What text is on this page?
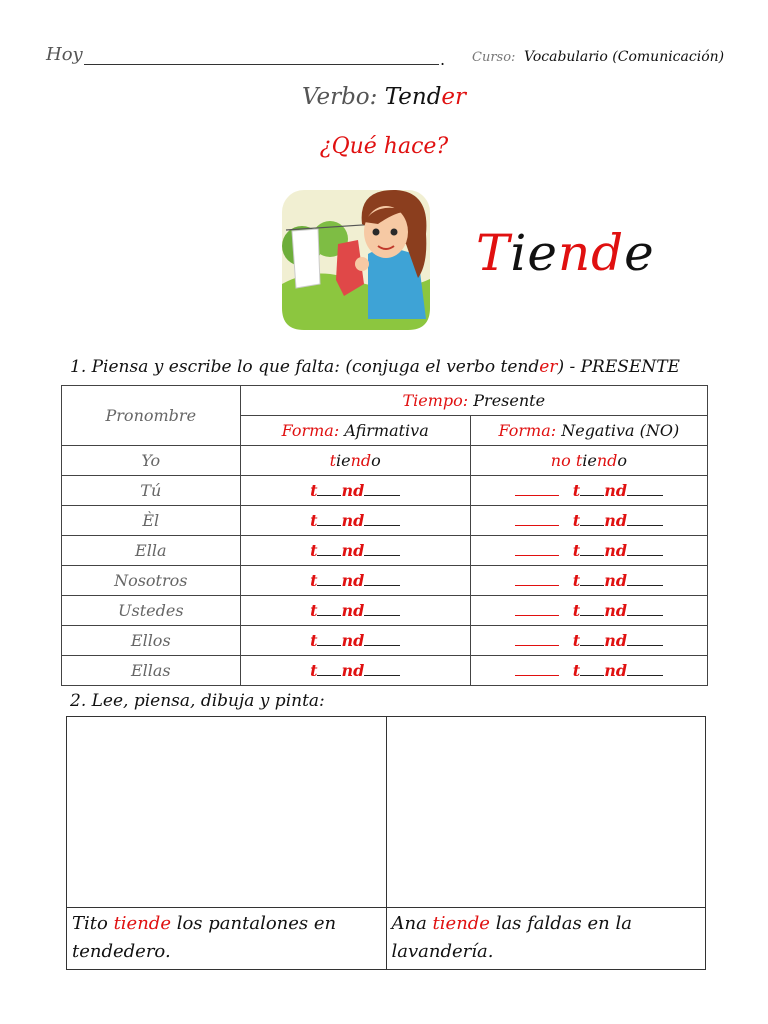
Hoy	. Curso: Vocabulario (Comunicación)
Verbo: Tender
¿Qué hace?
Tiende
1. Piensa y escribe lo que falta: (conjuga el verbo tender) - PRESENTE
Pronombre	Tiempo: Presente	
	Forma: Afirmativa	Forma: Negativa (NO)
Yo	tiendo	no tiendo
Tú	t nd	t nd
Èl	t nd	t nd
Ella	t nd	t nd
Nosotros	t nd	t nd
Ustedes	t nd	t nd
Ellos	t nd	t nd
Ellas	t nd	t nd
2. Lee, piensa, dibuja y pinta:

Tito tiende los pantalones en tendedero.	Ana tiende las faldas en la lavandería.
